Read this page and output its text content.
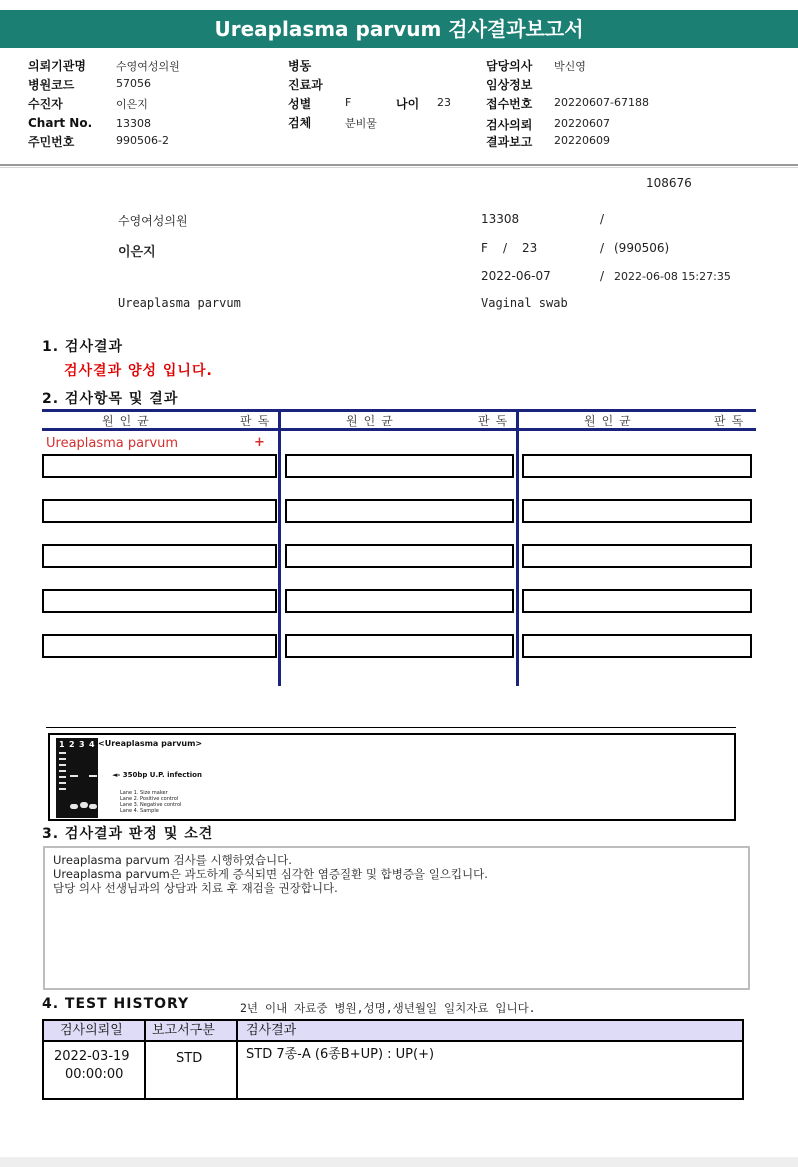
Ureaplasma parvum 검사결과보고서
의뢰기관명	수영여성의원
병원코드	57056
수진자	이은지
Chart No. 13308
주민번호	990506-2
병동
진료과
성별	F	나이 23
검체	분비물
담당의사 박신영
임상정보
접수번호 20220607-67188
검사의뢰 20220607
결과보고 20220609
108676
수영여성의원
이은지
Ureaplasma parvum
13308	/
F / 23	/ (990506)
2022-06-07	/ 2022-06-08 15:27:35
Vaginal swab
1. 검사결과
검사결과 양성 입니다.
2. 검사항목 및 결과
원인균	판독	원인균	판독	원인균	판독
Ureaplasma parvum	+
1 2 3 4 <Ureaplasma parvum>
◄- 350bp U.P. infection
Lane 1. Size maker
Lane 2. Positive control
Lane 3. Negative control
Lane 4. Sample
3. 검사결과 판정 및 소견
Ureaplasma parvum 검사를 시행하였습니다.
Ureaplasma parvum은 과도하게 증식되면 심각한 염증질환 및 합병증을 일으킵니다.
담당 의사 선생님과의 상담과 치료 후 재검을 권장합니다.
4. TEST HISTORY	2년 이내 자료중 병원,성명,생년월일 일치자료 입니다.
검사의뢰일 보고서구분 검사결과
2022-03-19
00:00:00
STD	STD 7종-A (6종B+UP) : UP(+)
